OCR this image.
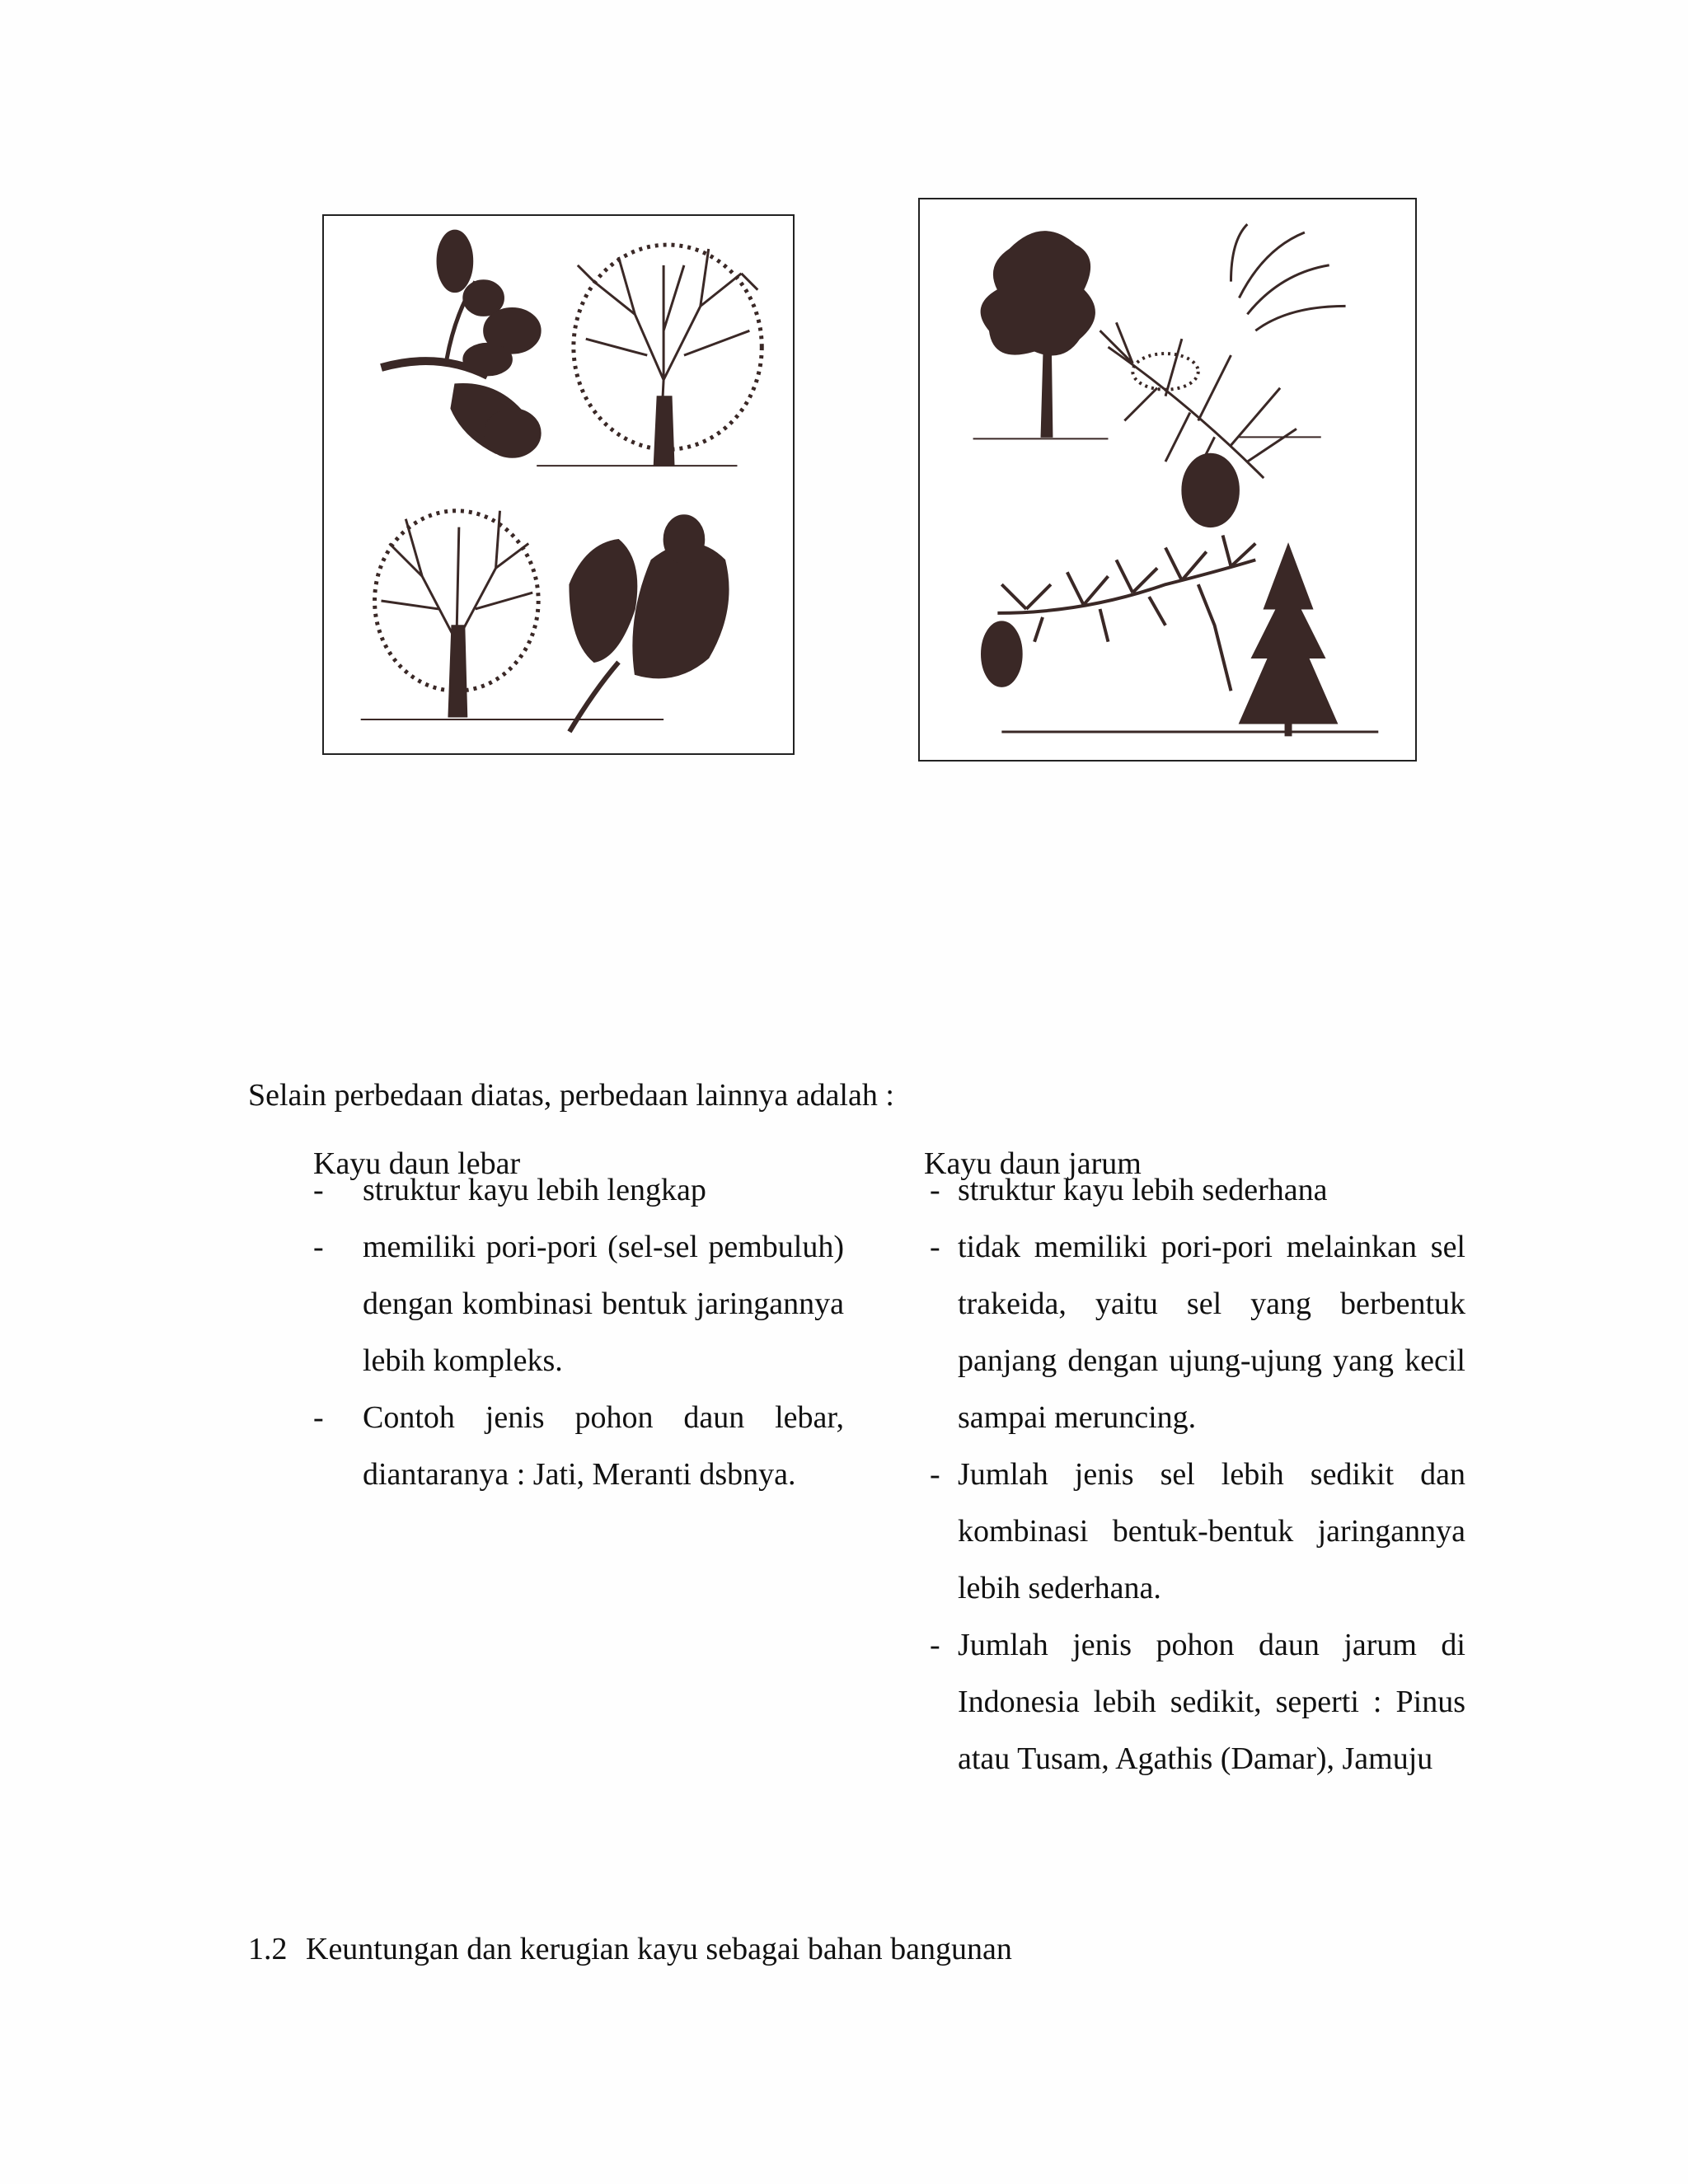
Selain perbedaan diatas, perbedaan lainnya adalah :
Kayu daun lebar	Kayu daun jarum
- struktur kayu lebih lengkap
- memiliki pori-pori (sel-sel pembuluh) dengan kombinasi bentuk jaringannya lebih kompleks.
- Contoh jenis pohon daun lebar, diantaranya : Jati, Meranti dsbnya.
- struktur kayu lebih sederhana
- tidak memiliki pori-pori melainkan sel trakeida, yaitu sel yang berbentuk panjang dengan ujung-ujung yang kecil sampai meruncing.
- Jumlah jenis sel lebih sedikit dan kombinasi bentuk-bentuk jaringannya lebih sederhana.
- Jumlah jenis pohon daun jarum di Indonesia lebih sedikit, seperti : Pinus atau Tusam, Agathis (Damar), Jamuju
1.2 Keuntungan dan kerugian kayu sebagai bahan bangunan
